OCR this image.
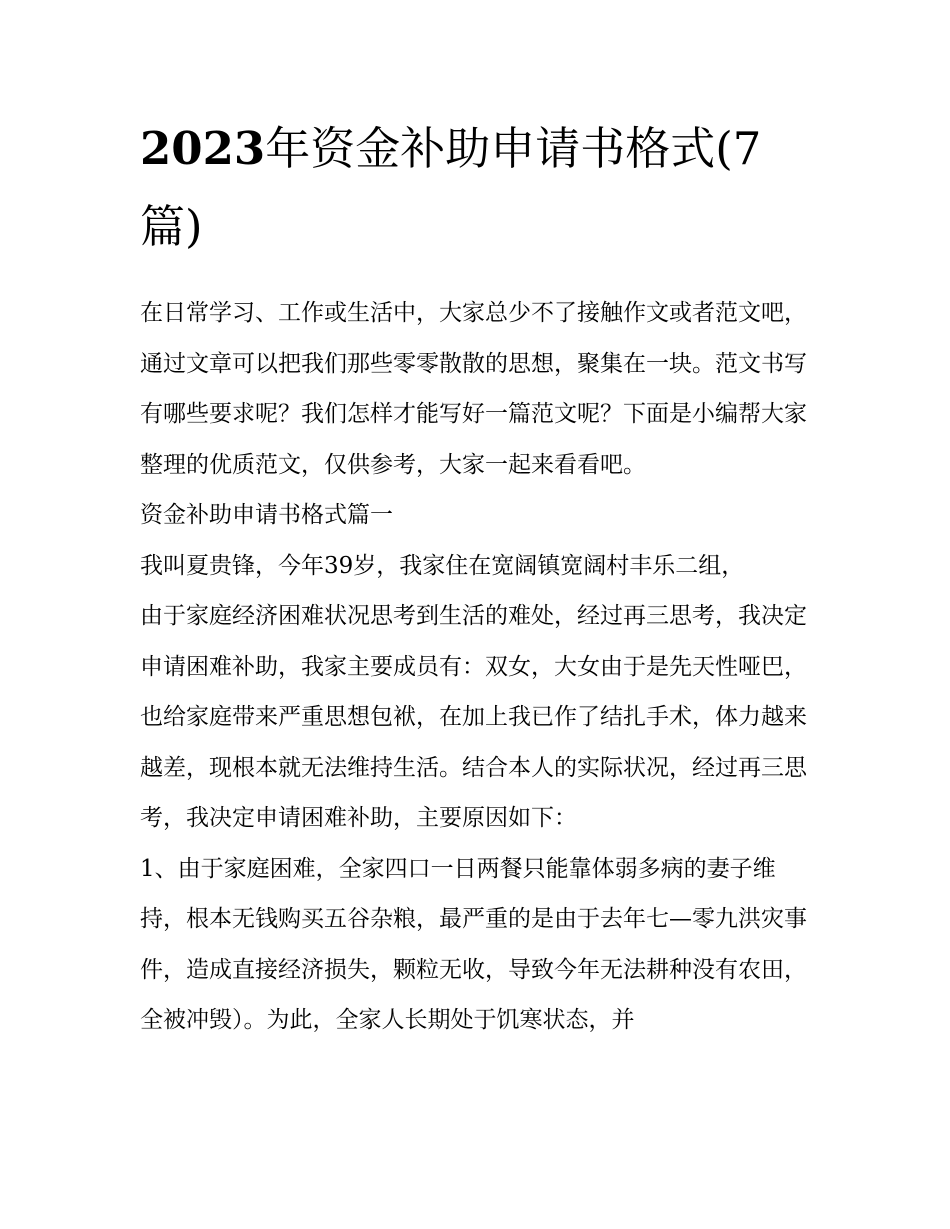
2023年资金补助申请书格式(7篇)

在日常学习、工作或生活中，大家总少不了接触作文或者范文吧，通过文章可以把我们那些零零散散的思想，聚集在一块。范文书写有哪些要求呢？我们怎样才能写好一篇范文呢？下面是小编帮大家整理的优质范文，仅供参考，大家一起来看看吧。

资金补助申请书格式篇一

我叫夏贵锋，今年39岁，我家住在宽阔镇宽阔村丰乐二组，

由于家庭经济困难状况思考到生活的难处，经过再三思考，我决定申请困难补助，我家主要成员有：双女，大女由于是先天性哑巴，也给家庭带来严重思想包袱，在加上我已作了结扎手术，体力越来越差，现根本就无法维持生活。结合本人的实际状况，经过再三思考，我决定申请困难补助，主要原因如下：

1、由于家庭困难，全家四口一日两餐只能靠体弱多病的妻子维持，根本无钱购买五谷杂粮，最严重的是由于去年七—零九洪灾事件，造成直接经济损失，颗粒无收，导致今年无法耕种没有农田，全被冲毁）。为此，全家人长期处于饥寒状态，并
